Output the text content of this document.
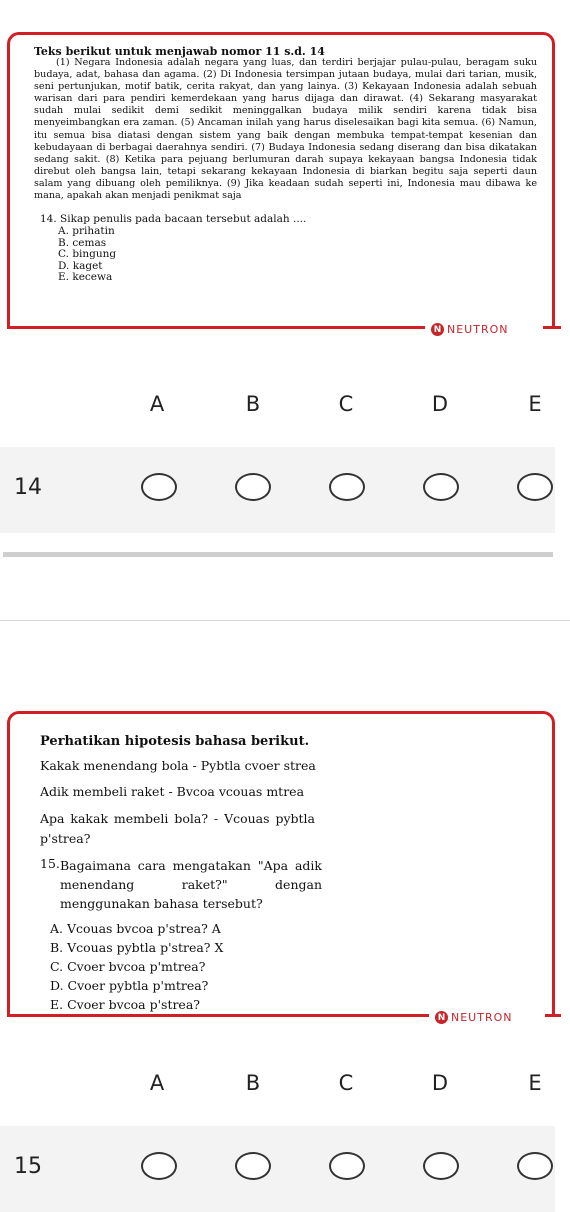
Teks berikut untuk menjawab nomor 11 s.d. 14
(1) Negara Indonesia adalah negara yang luas, dan terdiri berjajar pulau-pulau, beragam suku budaya, adat, bahasa dan agama. (2) Di Indonesia tersimpan jutaan budaya, mulai dari tarian, musik, seni pertunjukan, motif batik, cerita rakyat, dan yang lainya. (3) Kekayaan Indonesia adalah sebuah warisan dari para pendiri kemerdekaan yang harus dijaga dan dirawat. (4) Sekarang masyarakat sudah mulai sedikit demi sedikit meninggalkan budaya milik sendiri karena tidak bisa menyeimbangkan era zaman. (5) Ancaman inilah yang harus diselesaikan bagi kita semua. (6) Namun, itu semua bisa diatasi dengan sistem yang baik dengan membuka tempat-tempat kesenian dan kebudayaan di berbagai daerahnya sendiri. (7) Budaya Indonesia sedang diserang dan bisa dikatakan sedang sakit. (8) Ketika para pejuang berlumuran darah supaya kekayaan bangsa Indonesia tidak direbut oleh bangsa lain, tetapi sekarang kekayaan Indonesia di biarkan begitu saja seperti daun salam yang dibuang oleh pemiliknya. (9) Jika keadaan sudah seperti ini, Indonesia mau dibawa ke mana, apakah akan menjadi penikmat saja
14. Sikap penulis pada bacaan tersebut adalah ....
A. prihatin
B. cemas
C. bingung
D. kaget
E. kecewa
N NEUTRON
A	B	C	D	E
14
Perhatikan hipotesis bahasa berikut.
Kakak menendang bola - Pybtla cvoer strea
Adik membeli raket - Bvcoa vcouas mtrea
Apa kakak membeli bola? - Vcouas pybtla p'strea?
15. Bagaimana cara mengatakan "Apa adik menendang raket?" dengan menggunakan bahasa tersebut?
A. Vcouas bvcoa p'strea? A
B. Vcouas pybtla p'strea? X
C. Cvoer bvcoa p'mtrea?
D. Cvoer pybtla p'mtrea?
E. Cvoer bvcoa p'strea?
N NEUTRON
A	B	C	D	E
15
